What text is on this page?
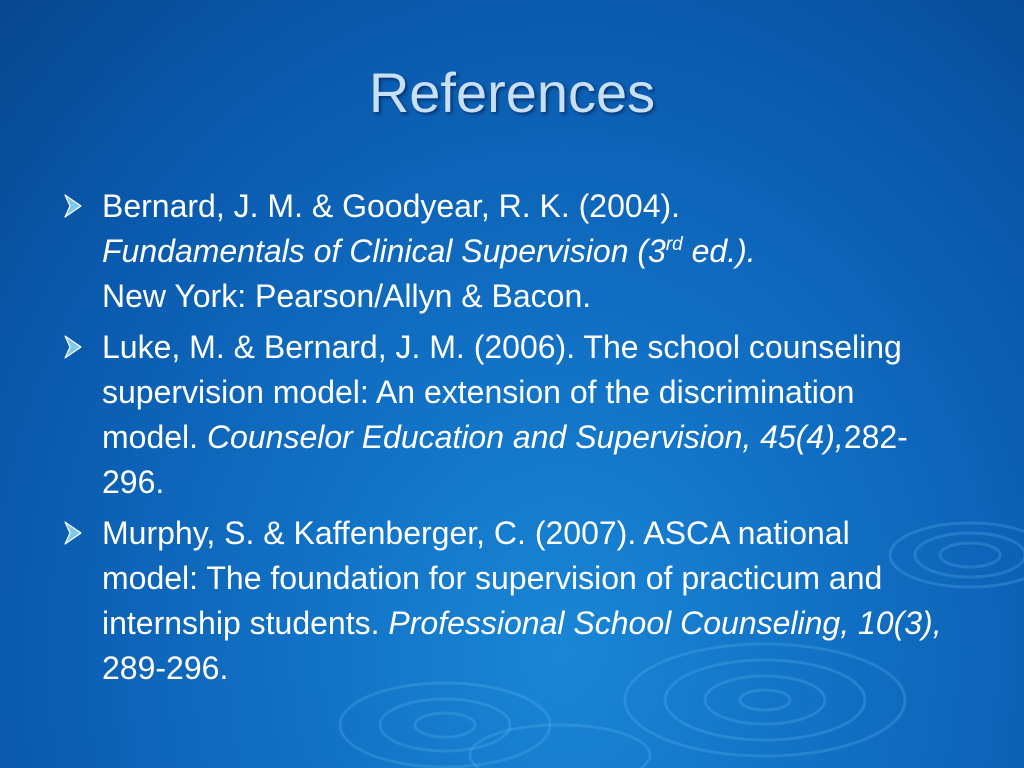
References
Bernard, J. M. & Goodyear, R. K. (2004).
Fundamentals of Clinical Supervision (3rd ed.).
New York: Pearson/Allyn & Bacon.
Luke, M. & Bernard, J. M. (2006). The school counseling supervision model: An extension of the discrimination model. Counselor Education and Supervision, 45(4),282-296.
Murphy, S. & Kaffenberger, C. (2007). ASCA national model: The foundation for supervision of practicum and internship students. Professional School Counseling, 10(3), 289-296.
